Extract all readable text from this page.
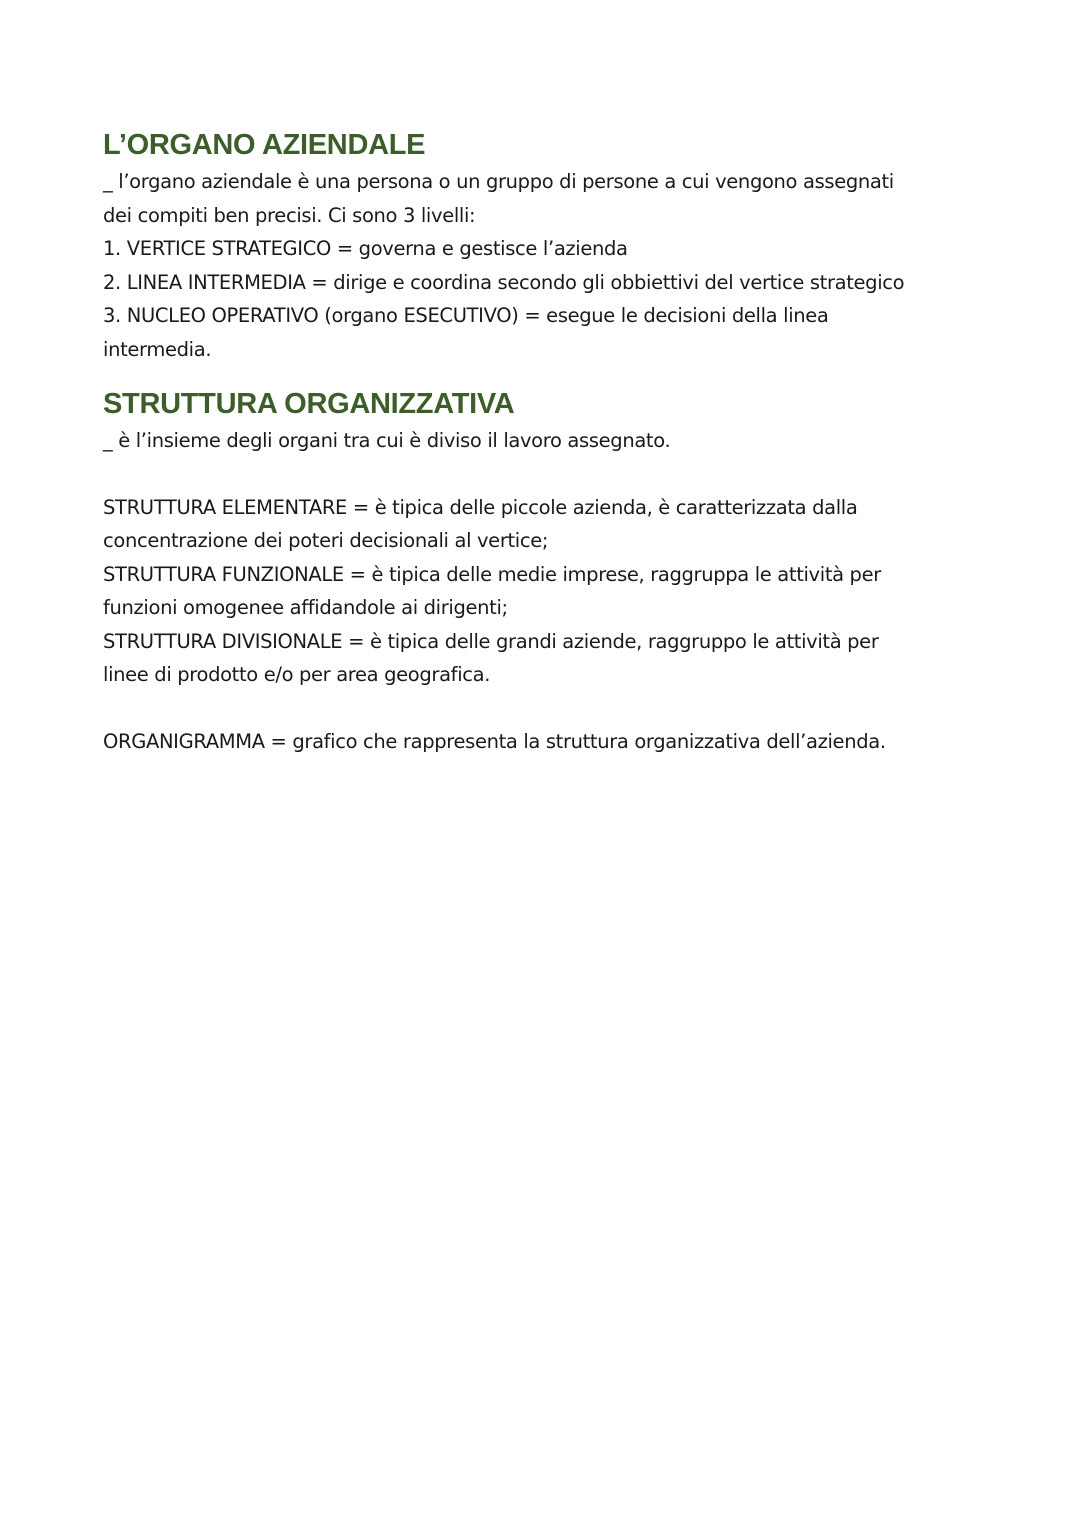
L’ORGANO AZIENDALE

_ l’organo aziendale è una persona o un gruppo di persone a cui vengono assegnati

dei compiti ben precisi. Ci sono 3 livelli:

1. VERTICE STRATEGICO = governa e gestisce l’azienda

2. LINEA INTERMEDIA = dirige e coordina secondo gli obbiettivi del vertice strategico

3. NUCLEO OPERATIVO (organo ESECUTIVO) = esegue le decisioni della linea

intermedia.

STRUTTURA ORGANIZZATIVA

_ è l’insieme degli organi tra cui è diviso il lavoro assegnato.

STRUTTURA ELEMENTARE = è tipica delle piccole azienda, è caratterizzata dalla

concentrazione dei poteri decisionali al vertice;

STRUTTURA FUNZIONALE = è tipica delle medie imprese, raggruppa le attività per

funzioni omogenee affidandole ai dirigenti;

STRUTTURA DIVISIONALE = è tipica delle grandi aziende, raggruppo le attività per

linee di prodotto e/o per area geografica.

ORGANIGRAMMA = grafico che rappresenta la struttura organizzativa dell’azienda.
